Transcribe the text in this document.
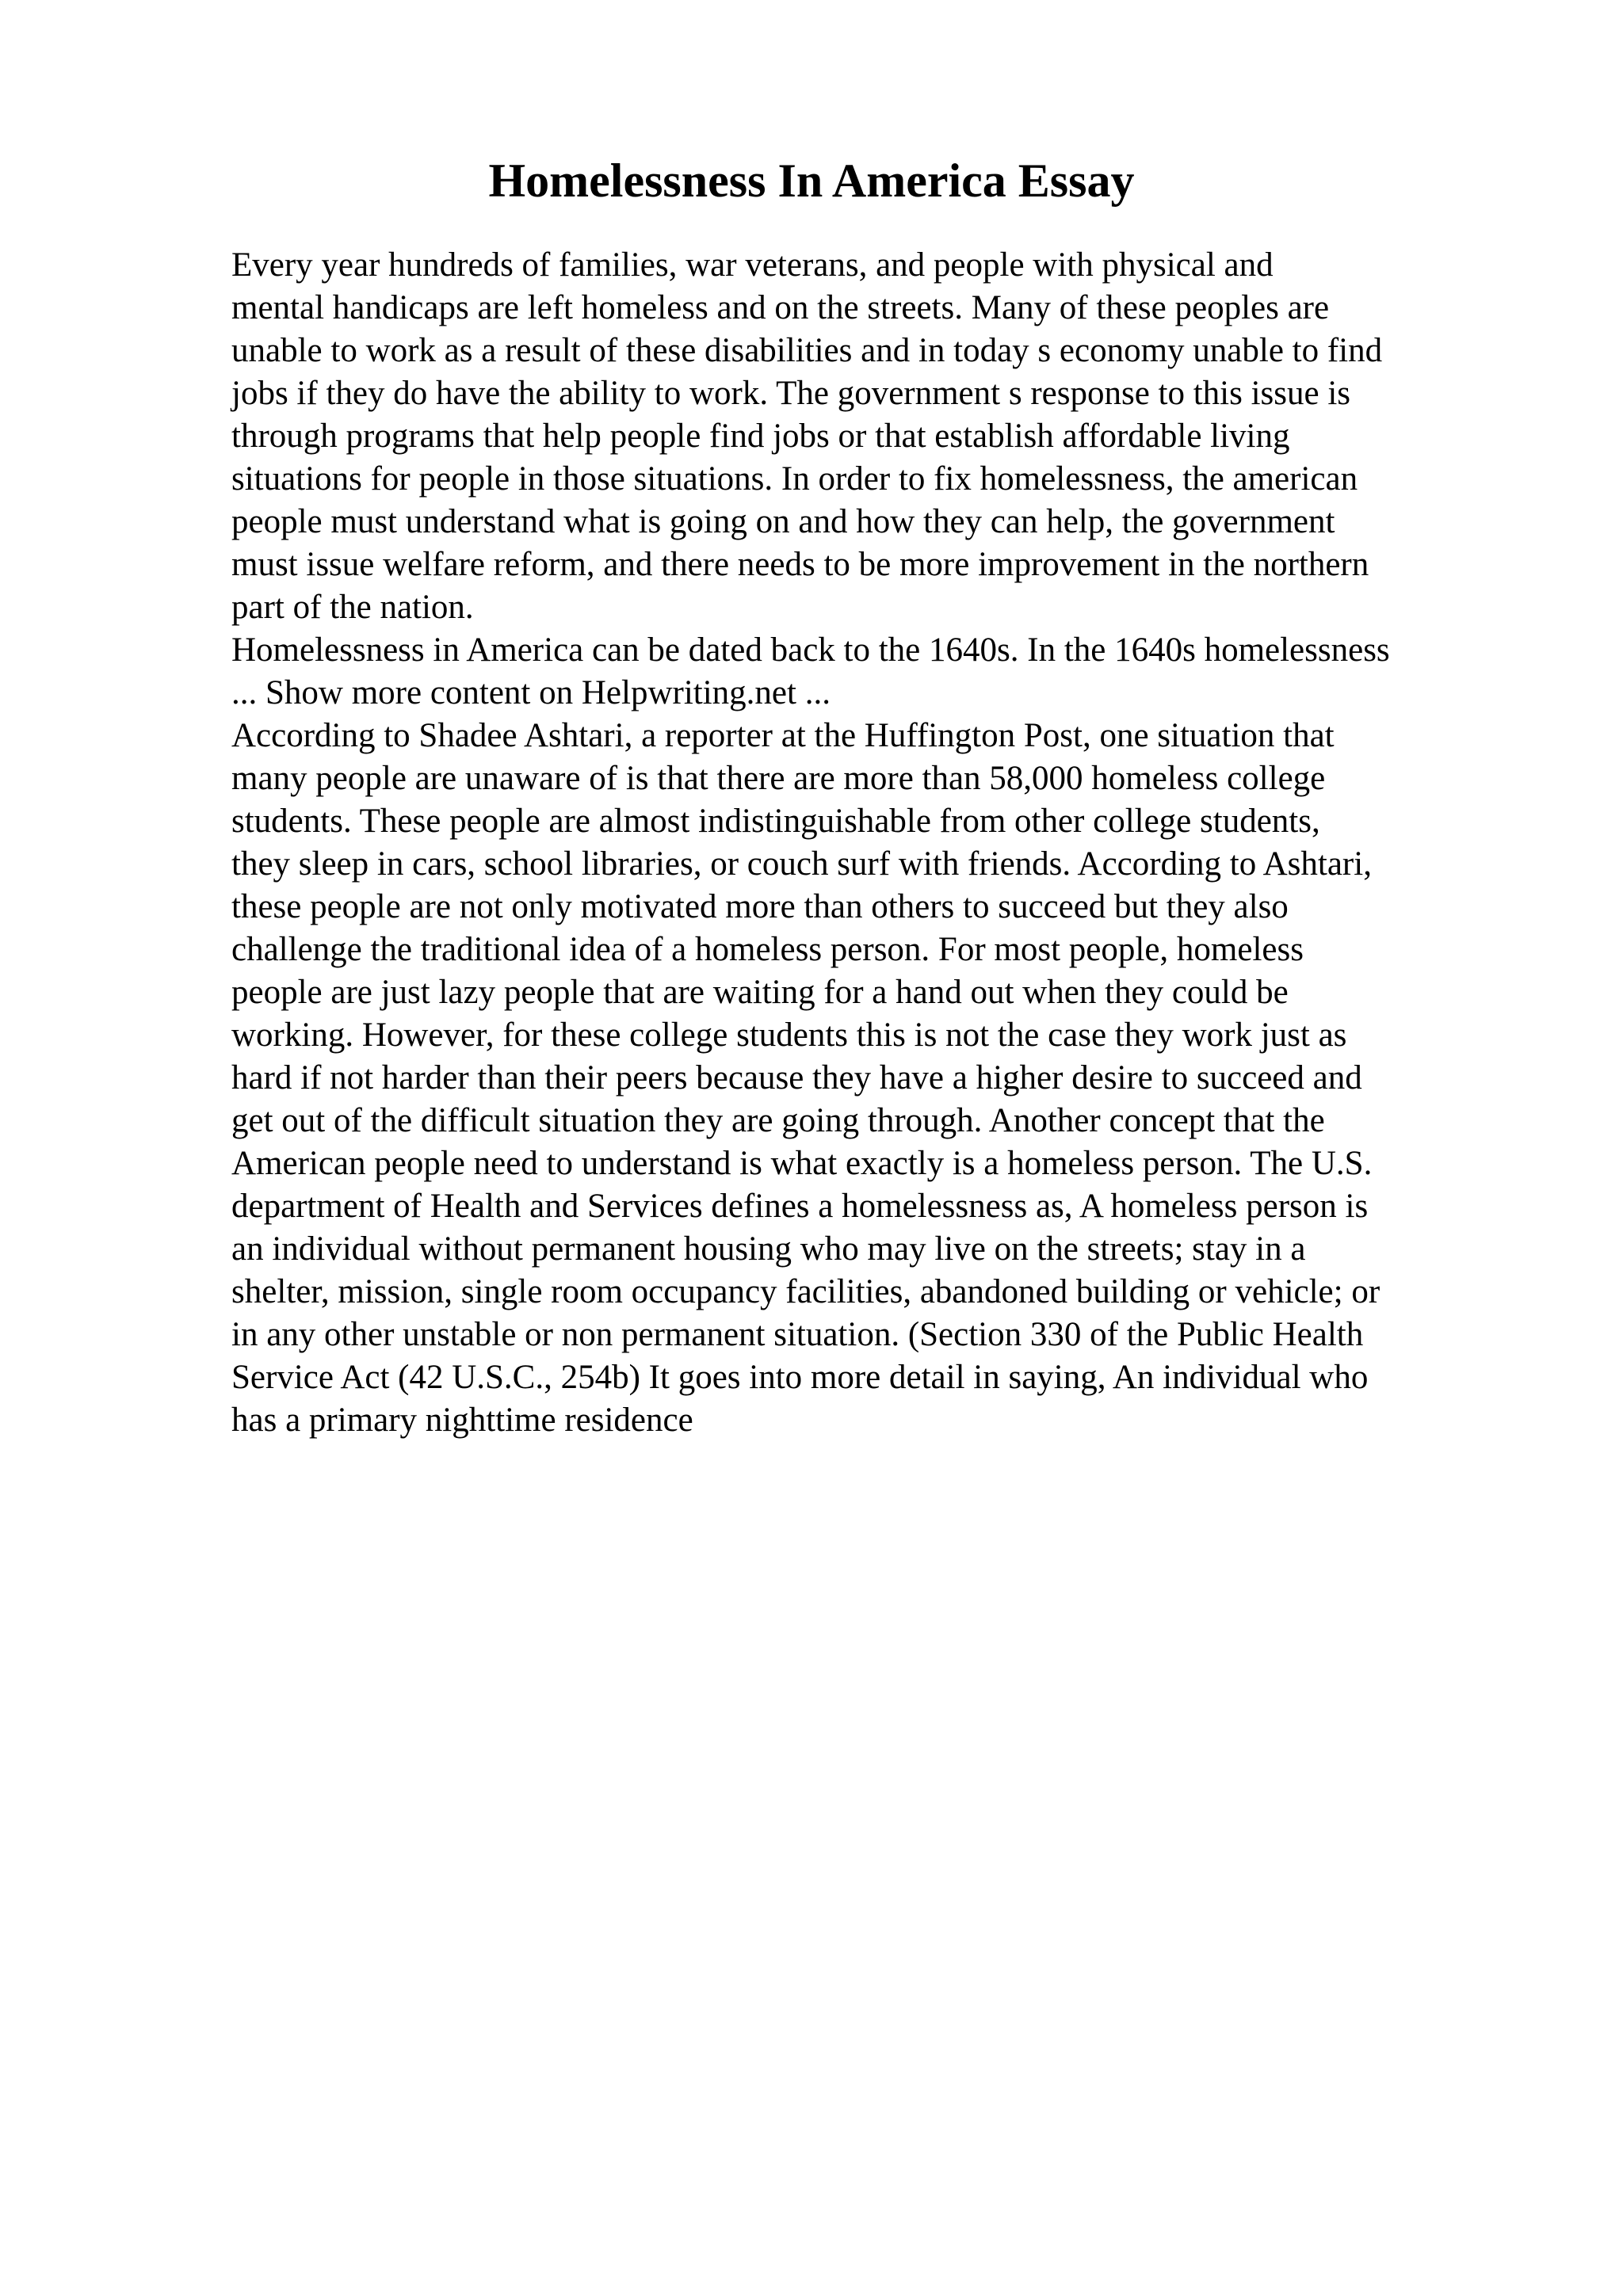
Homelessness In America Essay
Every year hundreds of families, war veterans, and people with physical and
mental handicaps are left homeless and on the streets. Many of these peoples are
unable to work as a result of these disabilities and in today s economy unable to find
jobs if they do have the ability to work. The government s response to this issue is
through programs that help people find jobs or that establish affordable living
situations for people in those situations. In order to fix homelessness, the american
people must understand what is going on and how they can help, the government
must issue welfare reform, and there needs to be more improvement in the northern
part of the nation.
Homelessness in America can be dated back to the 1640s. In the 1640s homelessness
... Show more content on Helpwriting.net ...
According to Shadee Ashtari, a reporter at the Huffington Post, one situation that
many people are unaware of is that there are more than 58,000 homeless college
students. These people are almost indistinguishable from other college students,
they sleep in cars, school libraries, or couch surf with friends. According to Ashtari,
these people are not only motivated more than others to succeed but they also
challenge the traditional idea of a homeless person. For most people, homeless
people are just lazy people that are waiting for a hand out when they could be
working. However, for these college students this is not the case they work just as
hard if not harder than their peers because they have a higher desire to succeed and
get out of the difficult situation they are going through. Another concept that the
American people need to understand is what exactly is a homeless person. The U.S.
department of Health and Services defines a homelessness as, A homeless person is
an individual without permanent housing who may live on the streets; stay in a
shelter, mission, single room occupancy facilities, abandoned building or vehicle; or
in any other unstable or non permanent situation. (Section 330 of the Public Health
Service Act (42 U.S.C., 254b) It goes into more detail in saying, An individual who
has a primary nighttime residence
